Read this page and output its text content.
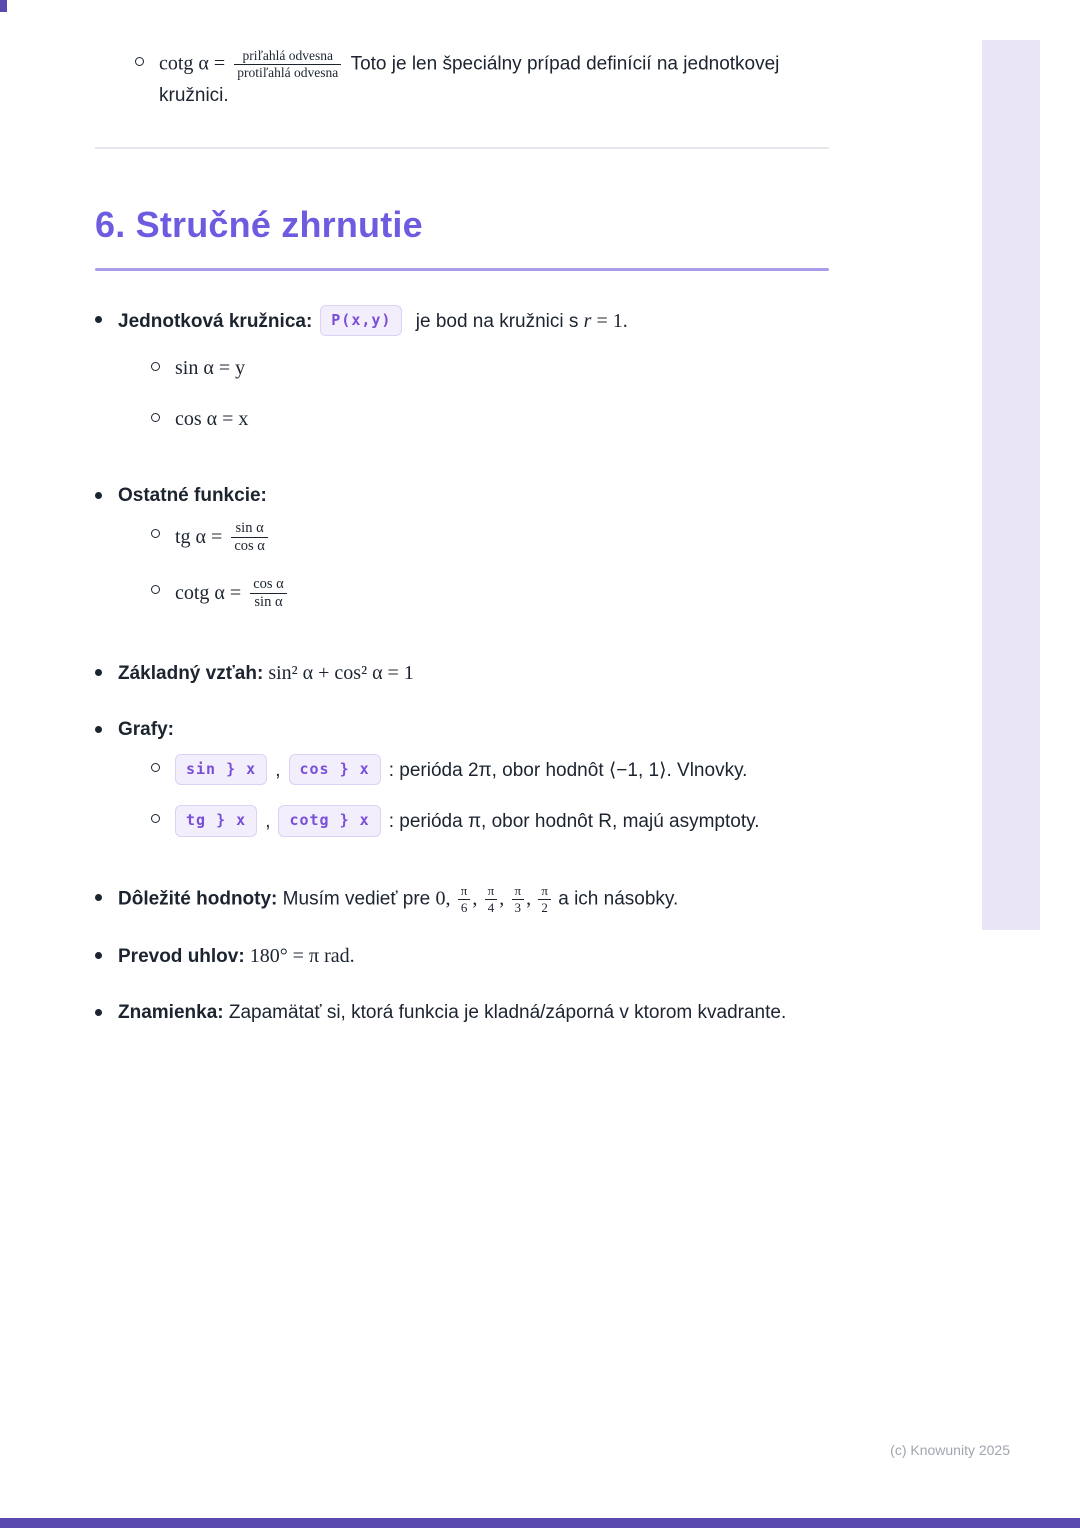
cotg $\alpha = \frac{\text{priľahlá odvesna}}{\text{protiľahlá odvesna}}$ Toto je len špeciálny prípad definícií na jednotkovej kružnici.
6. Stručné zhrnutie
Jednotková kružnica: P(x,y) je bod na kružnici s r = 1.
sin α = y
cos α = x
Ostatné funkcie:
tg $\alpha = \frac{\text{sin α}}{\text{cos α}}$
cotg $\alpha = \frac{\text{cos α}}{\text{sin α}}$
Základný vzťah: sin² α + cos² α = 1
Grafy:
sin } x , cos } x : perióda 2π, obor hodnôt ⟨−1, 1⟩. Vlnovky.
tg } x , cotg } x : perióda π, obor hodnôt R, majú asymptoty.
Dôležité hodnoty: Musím vedieť pre 0, $\frac{\pi}{6}$ , $\frac{\pi}{4}$ , $\frac{\pi}{3}$ , $\frac{\pi}{2}$ a ich násobky.
Prevod uhlov: 180° = π rad.
Znamienka: Zapamätať si, ktorá funkcia je kladná/záporná v ktorom kvadrante.
(c) Knowunity 2025
